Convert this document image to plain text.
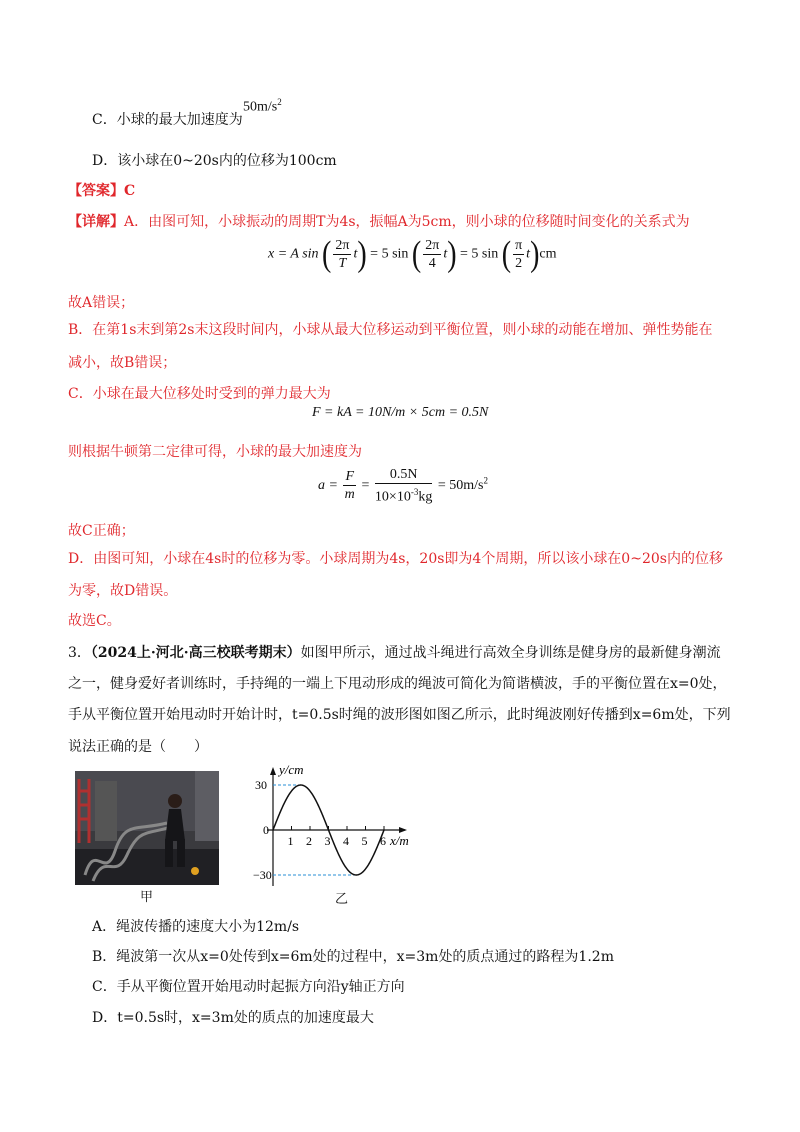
C．小球的最大加速度为
$50m/s^2$
D．该小球在0~20s内的位移为100cm
【答案】C
【详解】A．由图可知，小球振动的周期T为4s，振幅A为5cm，则小球的位移随时间变化的关系式为
x = A sin ( $\frac{2\pi}{T} t) = 5$ sin ( $\frac{2\pi}{4} t) = 5$ sin ( $\frac{\pi}{2} t)cm$
故A错误；
B．在第1s末到第2s末这段时间内，小球从最大位移运动到平衡位置，则小球的动能在增加、弹性势能在
减小，故B错误；
C．小球在最大位移处时受到的弹力最大为
F = kA = 10N/m × 5cm = 0.5N
则根据牛顿第二定律可得，小球的最大加速度为
$a = \frac{F}{m} = \frac{0.5N}{10\times 10^{-3}kg} = 50m/s^2$
故C正确；
D．由图可知，小球在4s时的位移为零。小球周期为4s，20s即为4个周期，所以该小球在0~20s内的位移
为零，故D错误。
故选C。
3．（2024上·河北·高三校联考期末）如图甲所示，通过战斗绳进行高效全身训练是健身房的最新健身潮流
之一，健身爱好者训练时，手持绳的一端上下甩动形成的绳波可简化为简谐横波，手的平衡位置在x=0处，
手从平衡位置开始甩动时开始计时，t=0.5s时绳的波形图如图乙所示，此时绳波刚好传播到x=6m处，下列
说法正确的是（　　）
甲
y/cm
x/m
30
0
−30
1 2 3 4 5 6
乙
A．绳波传播的速度大小为12m/s
B．绳波第一次从x=0处传到x=6m处的过程中，x=3m处的质点通过的路程为1.2m
C．手从平衡位置开始甩动时起振方向沿y轴正方向
D．t=0.5s时，x=3m处的质点的加速度最大
